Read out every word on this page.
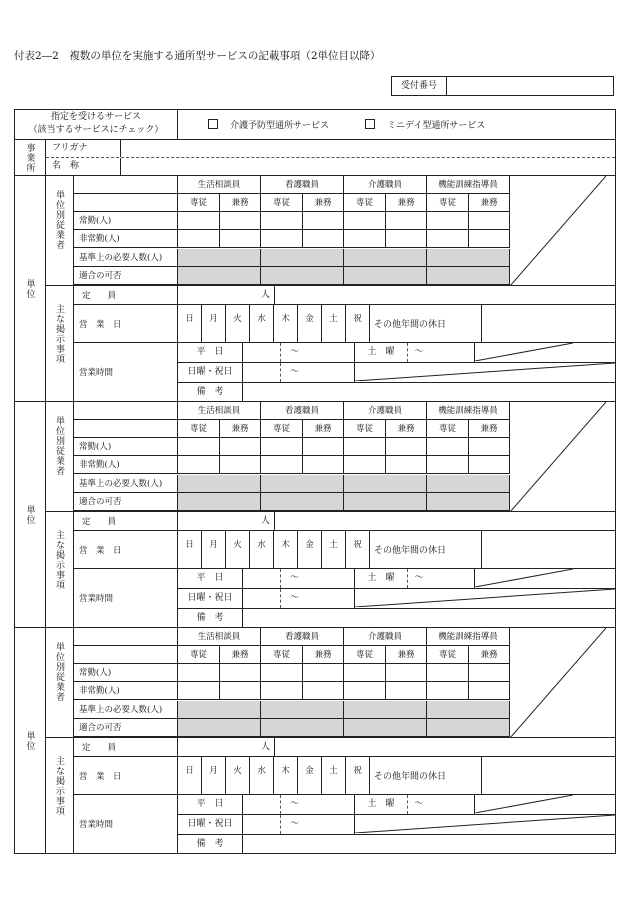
付表2―2　複数の単位を実施する通所型サービスの記載事項（2単位目以降）
受付番号
指定を受けるサービス
（該当するサービスにチェック）	介護予防型通所サービス	ミニデイ型通所サービス
事業所	フリガナ
名　称
単位
単位別従業者
生活相談員	看護職員	介護職員	機能訓練指導員
専従	兼務	専従	兼務	専従	兼務	専従	兼務
常勤(人)
非常勤(人)
基準上の必要人数(人)
適合の可否
主な掲示事項
定　　員	人
営　業　日
日	月	火	水	木	金	土	祝
その他年間の休日
営業時間
平　日	～	土　曜	～
日曜・祝日	～
備　考
単位
単位別従業者
生活相談員	看護職員	介護職員	機能訓練指導員
専従	兼務	専従	兼務	専従	兼務	専従	兼務
常勤(人)
非常勤(人)
基準上の必要人数(人)
適合の可否
主な掲示事項
定　　員	人
営　業　日
日	月	火	水	木	金	土	祝
その他年間の休日
営業時間
平　日	～	土　曜	～
日曜・祝日	～
備　考
単位
単位別従業者
生活相談員	看護職員	介護職員	機能訓練指導員
専従	兼務	専従	兼務	専従	兼務	専従	兼務
常勤(人)
非常勤(人)
基準上の必要人数(人)
適合の可否
主な掲示事項
定　　員	人
営　業　日
日	月	火	水	木	金	土	祝
その他年間の休日
営業時間
平　日	～	土　曜	～
日曜・祝日	～
備　考
